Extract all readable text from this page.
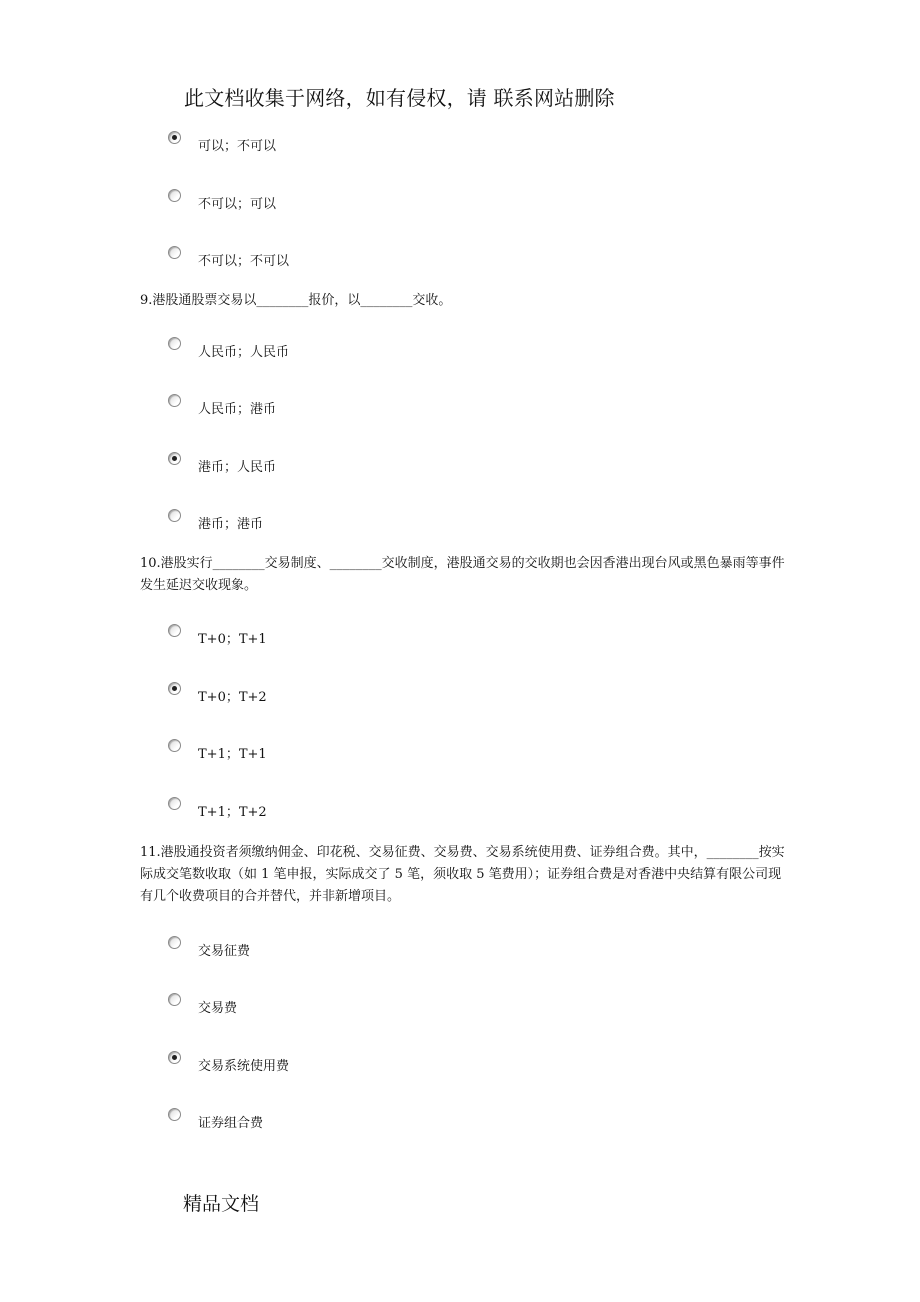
此文档收集于网络，如有侵权，请 联系网站删除
可以；不可以
不可以；可以
不可以；不可以

9.港股通股票交易以________报价，以________交收。

人民币；人民币
人民币；港币
港币；人民币
港币；港币

10.港股实行________交易制度、________交收制度，港股通交易的交收期也会因香港出现台风或黑色暴雨等事件发生延迟交收现象。

T+0；T+1
T+0；T+2
T+1；T+1
T+1；T+2

11.港股通投资者须缴纳佣金、印花税、交易征费、交易费、交易系统使用费、证券组合费。其中，________按实际成交笔数收取（如 1 笔申报，实际成交了 5 笔，须收取 5 笔费用）；证券组合费是对香港中央结算有限公司现有几个收费项目的合并替代，并非新增项目。

交易征费
交易费
交易系统使用费
证券组合费
精品文档
